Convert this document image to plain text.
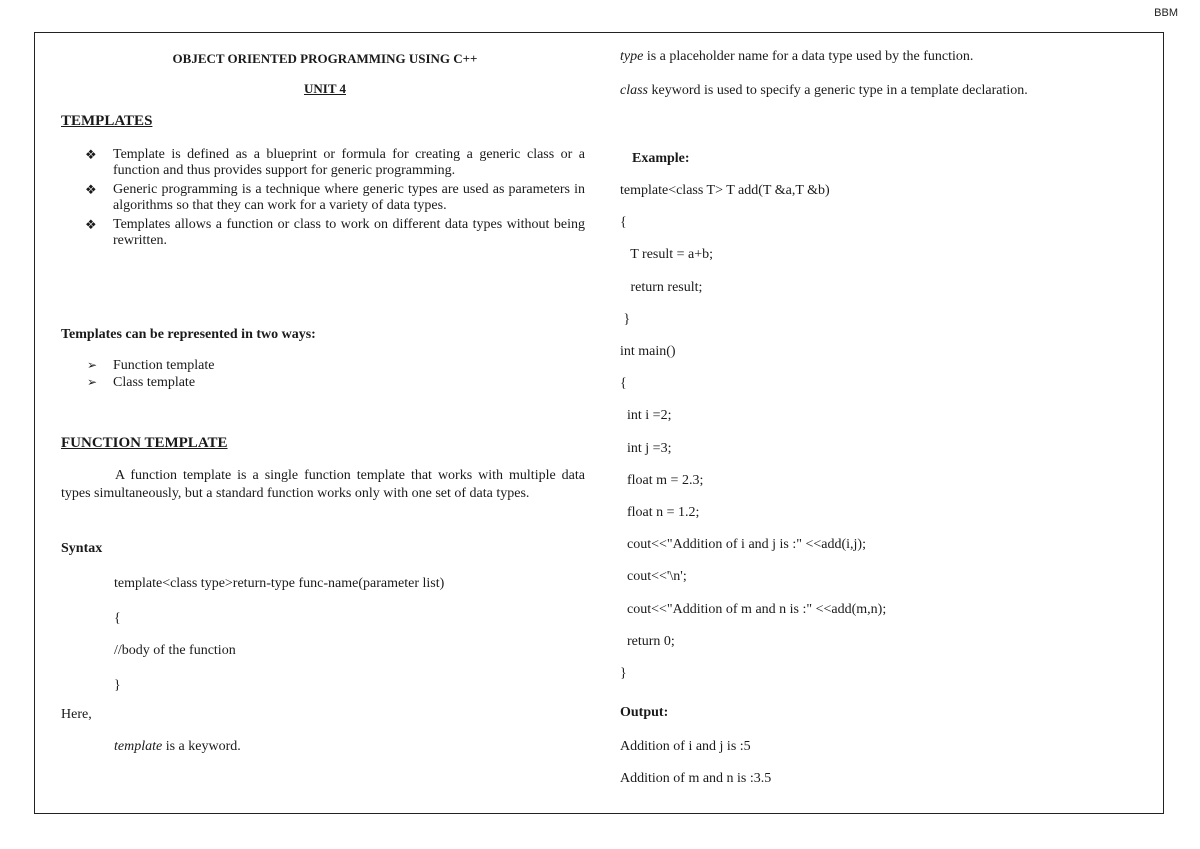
BBM
OBJECT ORIENTED PROGRAMMING USING C++
UNIT 4
TEMPLATES
❖ Template is defined as a blueprint or formula for creating a generic class or a function and thus provides support for generic programming.
❖ Generic programming is a technique where generic types are used as parameters in algorithms so that they can work for a variety of data types.
❖ Templates allows a function or class to work on different data types without being rewritten.
Templates can be represented in two ways:
➢ Function template
➢ Class template
FUNCTION TEMPLATE
A function template is a single function template that works with multiple data types simultaneously, but a standard function works only with one set of data types.
Syntax
template<class type>return-type func-name(parameter list)
{
//body of the function
}
Here,
template is a keyword.
type is a placeholder name for a data type used by the function.
class keyword is used to specify a generic type in a template declaration.
Example:
template<class T> T add(T &a,T &b)
{
T result = a+b;
return result;
}
int main()
{
int i =2;
int j =3;
float m = 2.3;
float n = 1.2;
cout<<"Addition of i and j is :" <<add(i,j);
cout<<'\n';
cout<<"Addition of m and n is :" <<add(m,n);
return 0;
}
Output:
Addition of i and j is :5
Addition of m and n is :3.5
